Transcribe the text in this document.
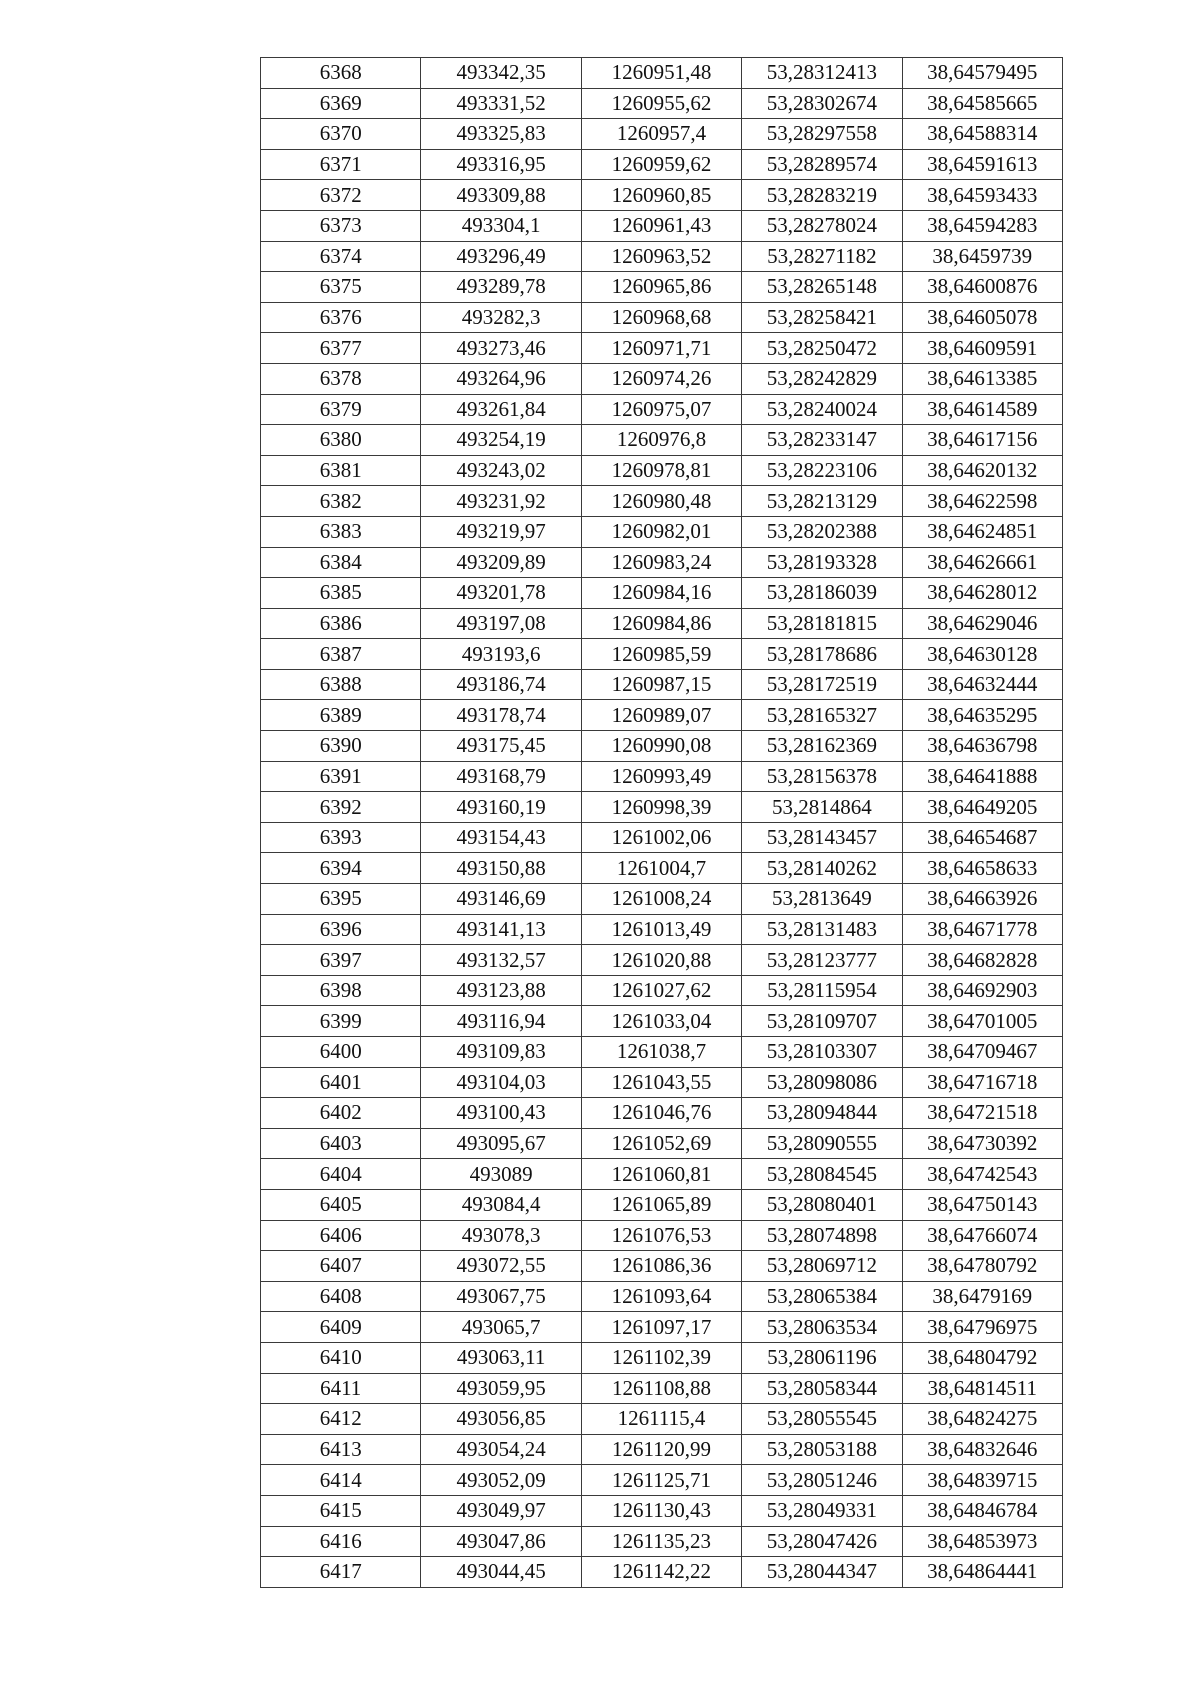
6368	493342,35	1260951,48	53,28312413	38,64579495
6369	493331,52	1260955,62	53,28302674	38,64585665
6370	493325,83	1260957,4	53,28297558	38,64588314
6371	493316,95	1260959,62	53,28289574	38,64591613
6372	493309,88	1260960,85	53,28283219	38,64593433
6373	493304,1	1260961,43	53,28278024	38,64594283
6374	493296,49	1260963,52	53,28271182	38,6459739
6375	493289,78	1260965,86	53,28265148	38,64600876
6376	493282,3	1260968,68	53,28258421	38,64605078
6377	493273,46	1260971,71	53,28250472	38,64609591
6378	493264,96	1260974,26	53,28242829	38,64613385
6379	493261,84	1260975,07	53,28240024	38,64614589
6380	493254,19	1260976,8	53,28233147	38,64617156
6381	493243,02	1260978,81	53,28223106	38,64620132
6382	493231,92	1260980,48	53,28213129	38,64622598
6383	493219,97	1260982,01	53,28202388	38,64624851
6384	493209,89	1260983,24	53,28193328	38,64626661
6385	493201,78	1260984,16	53,28186039	38,64628012
6386	493197,08	1260984,86	53,28181815	38,64629046
6387	493193,6	1260985,59	53,28178686	38,64630128
6388	493186,74	1260987,15	53,28172519	38,64632444
6389	493178,74	1260989,07	53,28165327	38,64635295
6390	493175,45	1260990,08	53,28162369	38,64636798
6391	493168,79	1260993,49	53,28156378	38,64641888
6392	493160,19	1260998,39	53,2814864	38,64649205
6393	493154,43	1261002,06	53,28143457	38,64654687
6394	493150,88	1261004,7	53,28140262	38,64658633
6395	493146,69	1261008,24	53,2813649	38,64663926
6396	493141,13	1261013,49	53,28131483	38,64671778
6397	493132,57	1261020,88	53,28123777	38,64682828
6398	493123,88	1261027,62	53,28115954	38,64692903
6399	493116,94	1261033,04	53,28109707	38,64701005
6400	493109,83	1261038,7	53,28103307	38,64709467
6401	493104,03	1261043,55	53,28098086	38,64716718
6402	493100,43	1261046,76	53,28094844	38,64721518
6403	493095,67	1261052,69	53,28090555	38,64730392
6404	493089	1261060,81	53,28084545	38,64742543
6405	493084,4	1261065,89	53,28080401	38,64750143
6406	493078,3	1261076,53	53,28074898	38,64766074
6407	493072,55	1261086,36	53,28069712	38,64780792
6408	493067,75	1261093,64	53,28065384	38,6479169
6409	493065,7	1261097,17	53,28063534	38,64796975
6410	493063,11	1261102,39	53,28061196	38,64804792
6411	493059,95	1261108,88	53,28058344	38,64814511
6412	493056,85	1261115,4	53,28055545	38,64824275
6413	493054,24	1261120,99	53,28053188	38,64832646
6414	493052,09	1261125,71	53,28051246	38,64839715
6415	493049,97	1261130,43	53,28049331	38,64846784
6416	493047,86	1261135,23	53,28047426	38,64853973
6417	493044,45	1261142,22	53,28044347	38,64864441
